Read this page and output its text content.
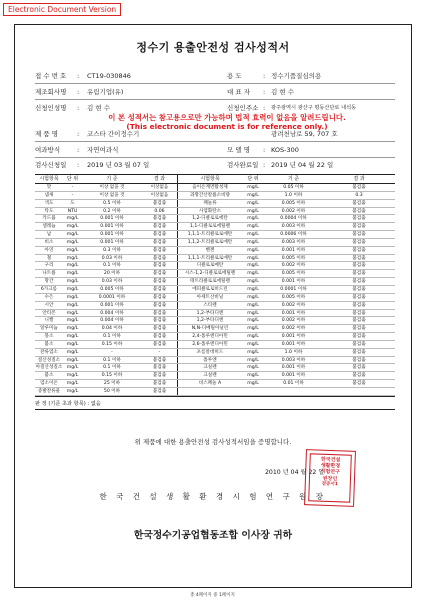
Electronic Document Version
정수기 용출안전성 검사성적서
접 수 번 호 : CT19-030846	용 도	: 정수기품질심의용
제조회사명 : 유림기업(유)	대 표 자 : 김 현 수
신청인성명 : 김 현 수	신청인주소 : 광주광역시 광산구 평동산단로 내석동
이 본 성적서는 참고용으로만 가능하며 법적 효력이 없음을 알려드립니다.
(This electronic document is for reference only.)
제 품 명	: 코스타 간이정수기	광려천남로 59, 707 호
여과방식	: 자연여과식	모 델 명 : KOS-300
검사신청일 : 2019 년 03 월 07 일	검사완료일 : 2019 년 04 월 22 일
시험항목	단 위	기 준	결 과	시험항목	단 위	기 준	결 과
맛	-	이상 없을 것	이상없음	음이온계면활성제	mg/L	0.05 이하	불검출
냄새	-	이상 없을 것	이상없음	과망간산칼륨소비량	mg/L	1.0 이하	0.3
색도	도	0.5 이하	불검출	페놀류	mg/L	0.005 이하	불검출
탁도	NTU	0.2 이하	0.06	사염화탄소	mg/L	0.002 이하	불검출
카드뮴	mg/L	0.001 이하	불검출	1,2-디클로로에탄	mg/L	0.0004 이하	불검출
셀레늄	mg/L	0.001 이하	불검출	1,1-디클로로에틸렌	mg/L	0.003 이하	불검출
납	mg/L	0.001 이하	불검출	1,1,1-트리클로로에탄	mg/L	0.0006 이하	불검출
비소	mg/L	0.001 이하	불검출	1,1,2-트리클로로에탄	mg/L	0.003 이하	불검출
아연	mg/L	0.3 이하	불검출	벤젠	mg/L	0.001 이하	불검출
철	mg/L	0.03 이하	불검출	1,1,1-트리클로로에탄	mg/L	0.005 이하	불검출
구리	mg/L	0.1 이하	불검출	디클로로메탄	mg/L	0.002 이하	불검출
나트륨	mg/L	20 이하	불검출	시스-1,2-디클로로에틸렌	mg/L	0.005 이하	불검출
망간	mg/L	0.03 이하	불검출	테트라클로로에틸렌	mg/L	0.001 이하	불검출
6가크롬	mg/L	0.005 이하	불검출	에피클로로히드린	mg/L	0.0001 이하	불검출
수은	mg/L	0.0001 이하	불검출	아세트산비닐	mg/L	0.005 이하	불검출
시안	mg/L	0.001 이하	불검출	스티렌	mg/L	0.002 이하	불검출
안티몬	mg/L	0.004 이하	불검출	1,2-부타디엔	mg/L	0.001 이하	불검출
니켈	mg/L	0.004 이하	불검출	1,2-부타디엔	mg/L	0.002 이하	불검출
알루미늄	mg/L	0.04 이하	불검출	N,N-디메틸아닐린	mg/L	0.002 이하	불검출
붕소	mg/L	0.1 이하	불검출	2,4-톨루엔디아민	mg/L	0.001 이하	불검출
불소	mg/L	0.15 이하	불검출	2,6-톨루엔디아민	mg/L	0.001 이하	불검출
잔류염소	mg/L	-	-	포름알데히드	mg/L	1.0 이하	불검출
질산성질소	mg/L	0.1 이하	불검출	톨루엔	mg/L	0.003 이하	불검출
아질산성질소 mg/L	0.1 이하	불검출	크실렌	mg/L	0.001 이하	불검출
불소	mg/L	0.15 이하	불검출	크실렌	mg/L	0.001 이하	불검출
염소이온	mg/L	25 이하	불검출	비스페놀 A	mg/L	0.01 이하	불검출
증발잔류물	mg/L	50 이하	불검출
판 정 (기준 초과 항목) : 없음
위 제품에 대한 용출안전성 검사성적서임을 증명합니다.
2010 년 04 월 22 일
한국건설
생활환경
시험연구
원장인
검증서1
한 국 건 설 생 활 환 경 시 험 연 구 원 장
한국정수기공업협동조합 이사장 귀하
총 4페이지 중 1페이지
